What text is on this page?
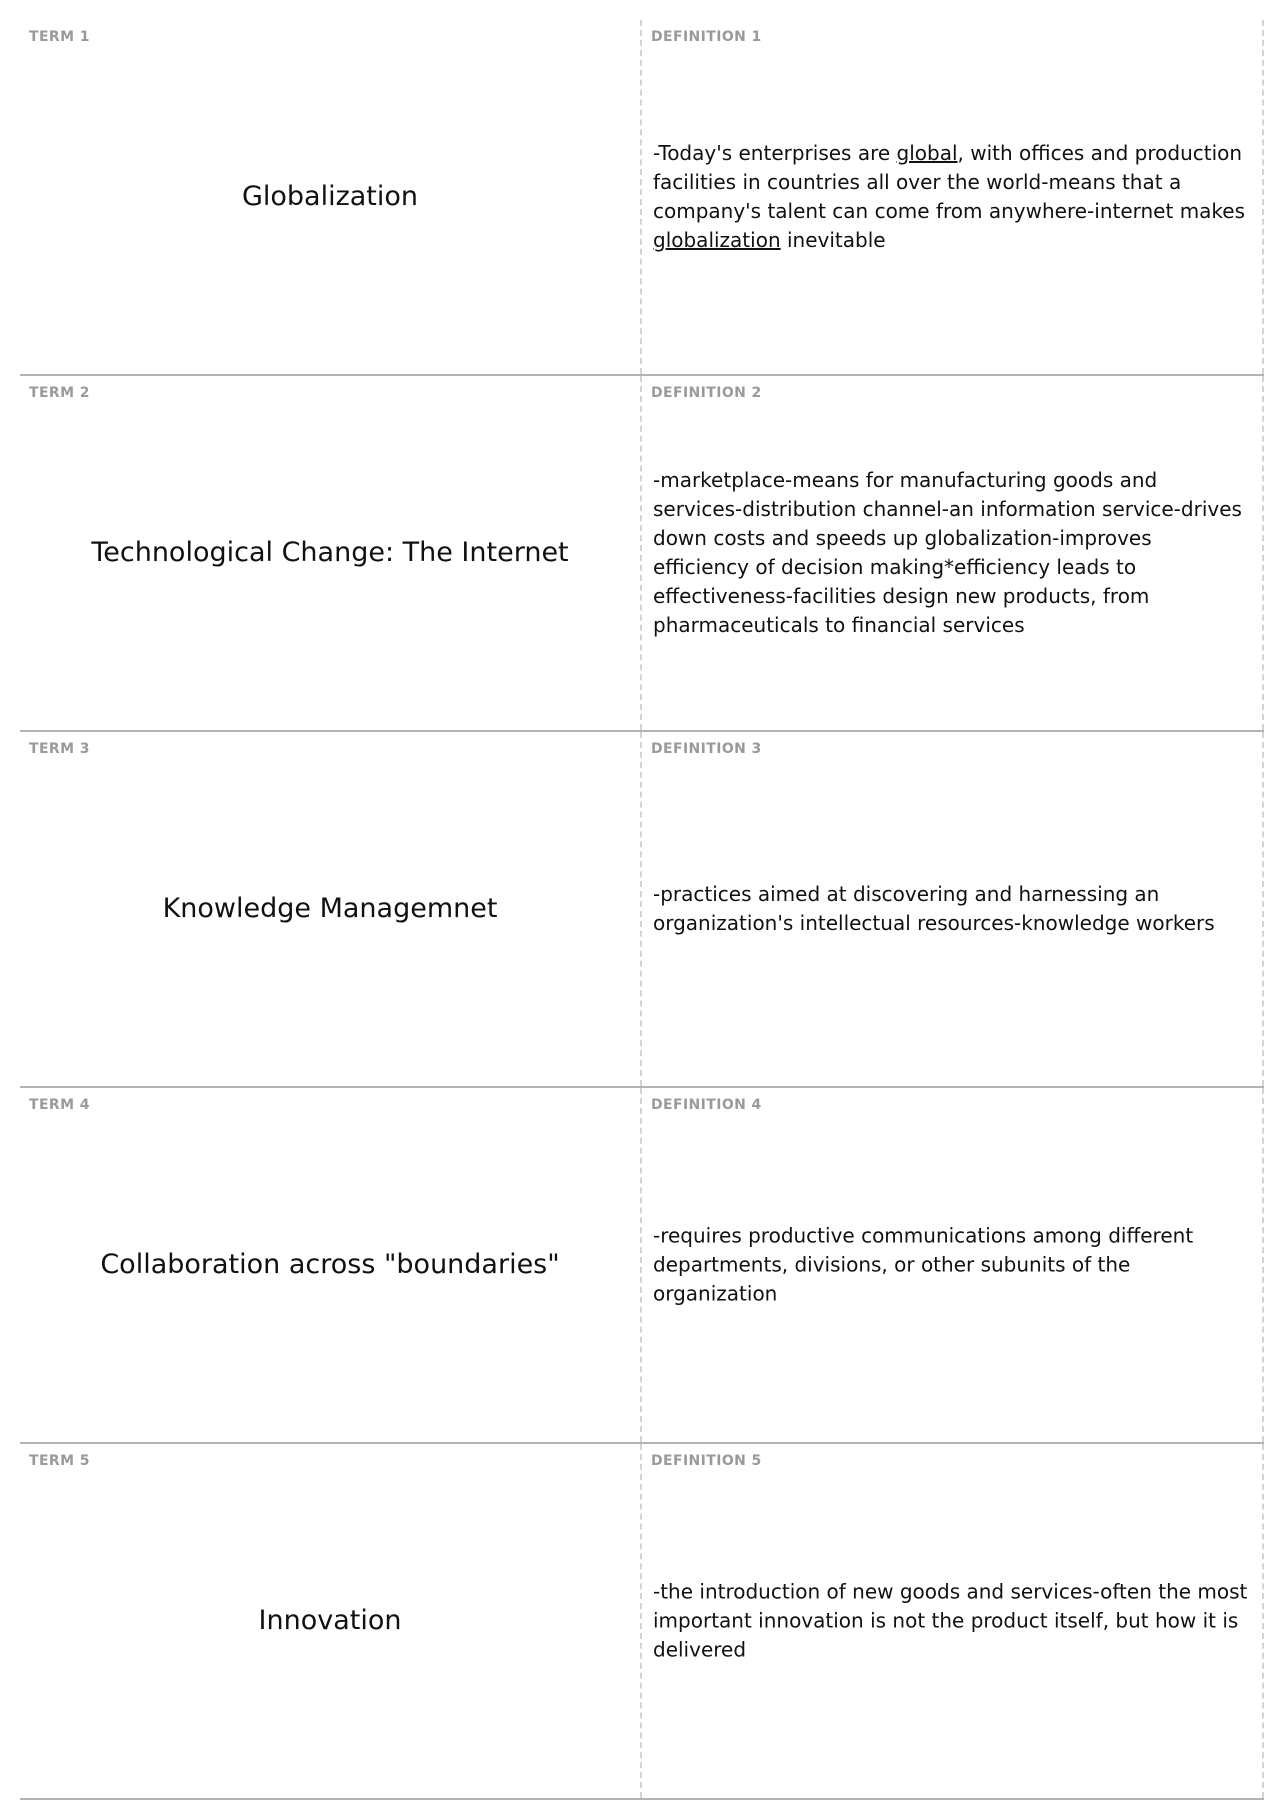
TERM 1
Globalization
DEFINITION 1
-Today's enterprises are global, with offices and production facilities in countries all over the world-means that a company's talent can come from anywhere-internet makes globalization inevitable
TERM 2
Technological Change: The Internet
DEFINITION 2
-marketplace-means for manufacturing goods and services-distribution channel-an information service-drives down costs and speeds up globalization-improves efficiency of decision making*efficiency leads to effectiveness-facilities design new products, from pharmaceuticals to financial services
TERM 3
Knowledge Managemnet
DEFINITION 3
-practices aimed at discovering and harnessing an organization's intellectual resources-knowledge workers
TERM 4
Collaboration across "boundaries"
DEFINITION 4
-requires productive communications among different departments, divisions, or other subunits of the organization
TERM 5
Innovation
DEFINITION 5
-the introduction of new goods and services-often the most important innovation is not the product itself, but how it is delivered
